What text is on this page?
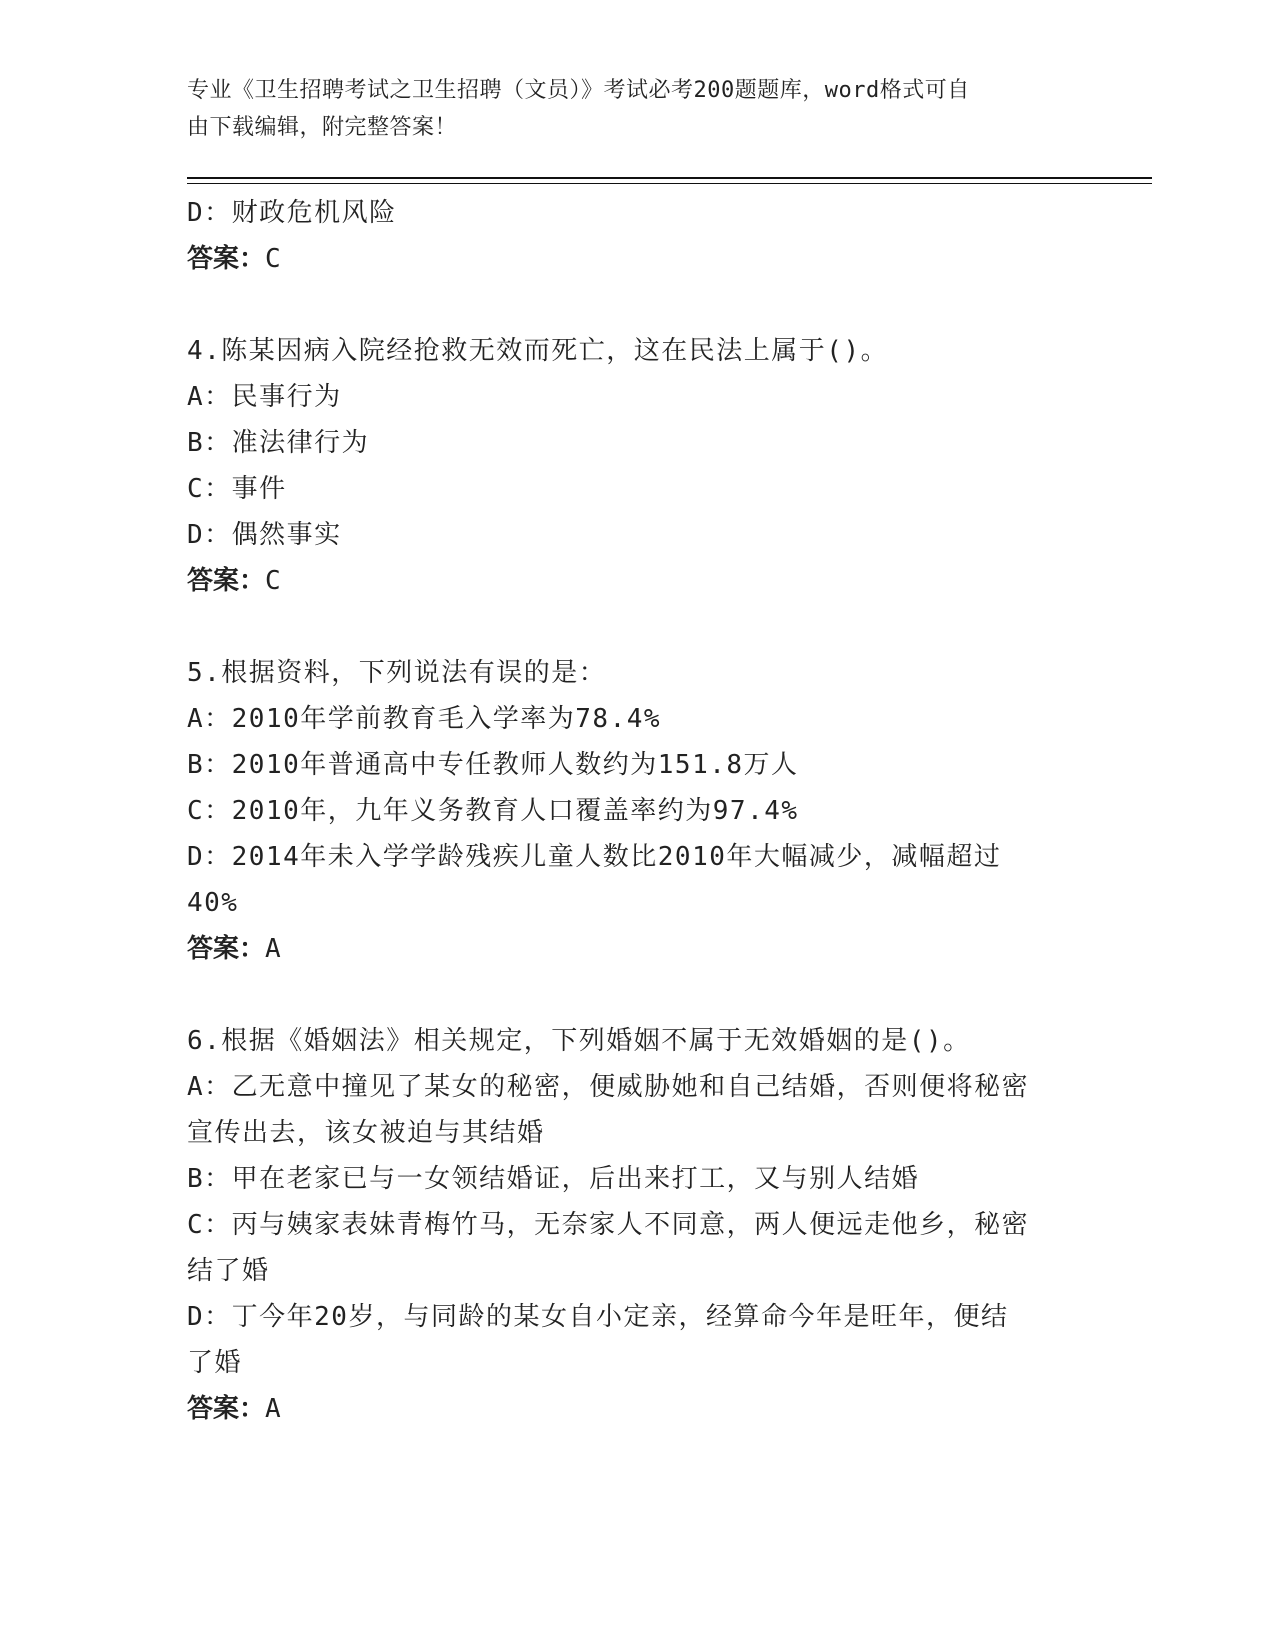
专业《卫生招聘考试之卫生招聘（文员）》考试必考200题题库，word格式可自
由下载编辑，附完整答案！
D：财政危机风险
答案：C
4.陈某因病入院经抢救无效而死亡，这在民法上属于()。
A：民事行为
B：准法律行为
C：事件
D：偶然事实
答案：C
5.根据资料，下列说法有误的是：
A：2010年学前教育毛入学率为78.4%
B：2010年普通高中专任教师人数约为151.8万人
C：2010年，九年义务教育人口覆盖率约为97.4%
D：2014年未入学学龄残疾儿童人数比2010年大幅减少，减幅超过
40%
答案：A
6.根据《婚姻法》相关规定，下列婚姻不属于无效婚姻的是()。
A：乙无意中撞见了某女的秘密，便威胁她和自己结婚，否则便将秘密
宣传出去，该女被迫与其结婚
B：甲在老家已与一女领结婚证，后出来打工，又与别人结婚
C：丙与姨家表妹青梅竹马，无奈家人不同意，两人便远走他乡，秘密
结了婚
D：丁今年20岁，与同龄的某女自小定亲，经算命今年是旺年，便结
了婚
答案：A
